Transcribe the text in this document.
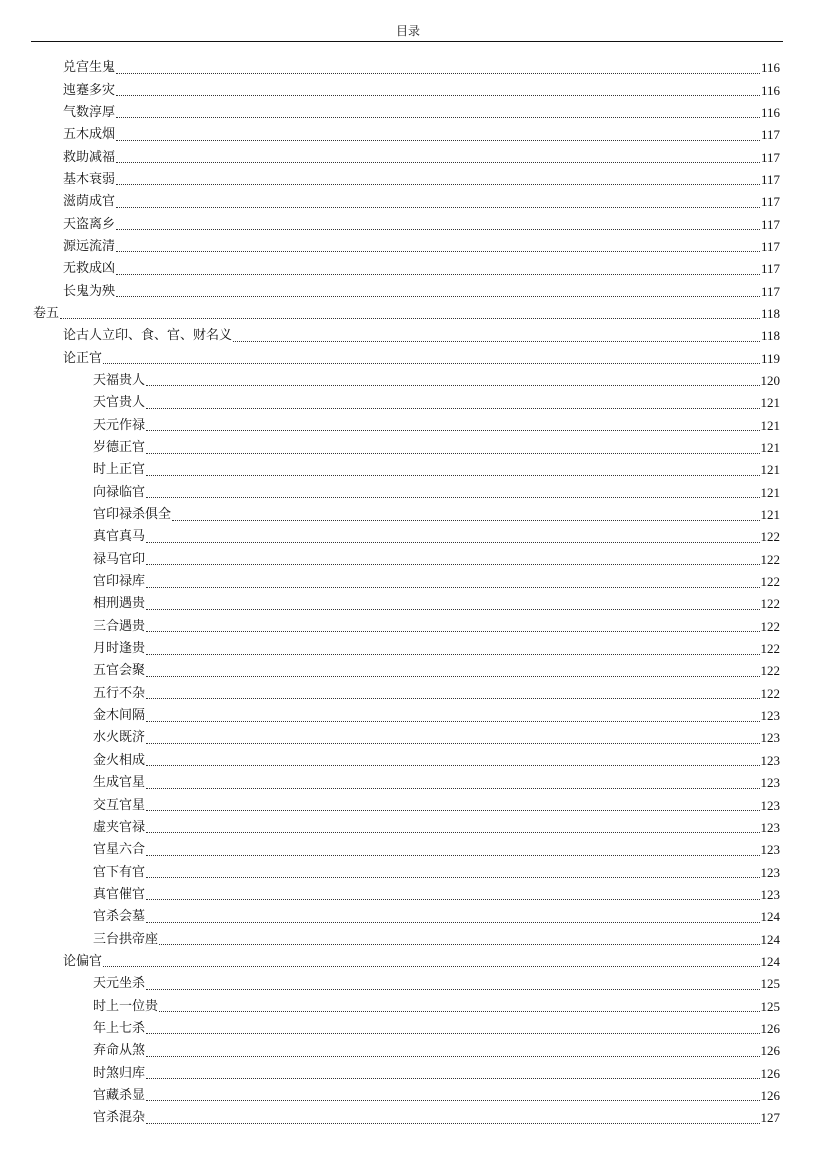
目录
兑宫生鬼	116
迍蹇多灾	116
气数淳厚	116
五木成烟	117
救助减福	117
基木衰弱	117
滋荫成官	117
天盗离乡	117
源远流清	117
无救成凶	117
长鬼为殃	117
卷五	118
论古人立印、食、官、财名义	118
论正官	119
天福贵人	120
天官贵人	121
天元作禄	121
岁德正官	121
时上正官	121
向禄临官	121
官印禄杀俱全	121
真官真马	122
禄马官印	122
官印禄库	122
相刑遇贵	122
三合遇贵	122
月时逢贵	122
五官会聚	122
五行不杂	122
金木间隔	123
水火既济	123
金火相成	123
生成官星	123
交互官星	123
虚夹官禄	123
官星六合	123
官下有官	123
真官催官	123
官杀会墓	124
三台拱帝座	124
论偏官	124
天元坐杀	125
时上一位贵	125
年上七杀	126
弃命从煞	126
时煞归库	126
官藏杀显	126
官杀混杂	127
